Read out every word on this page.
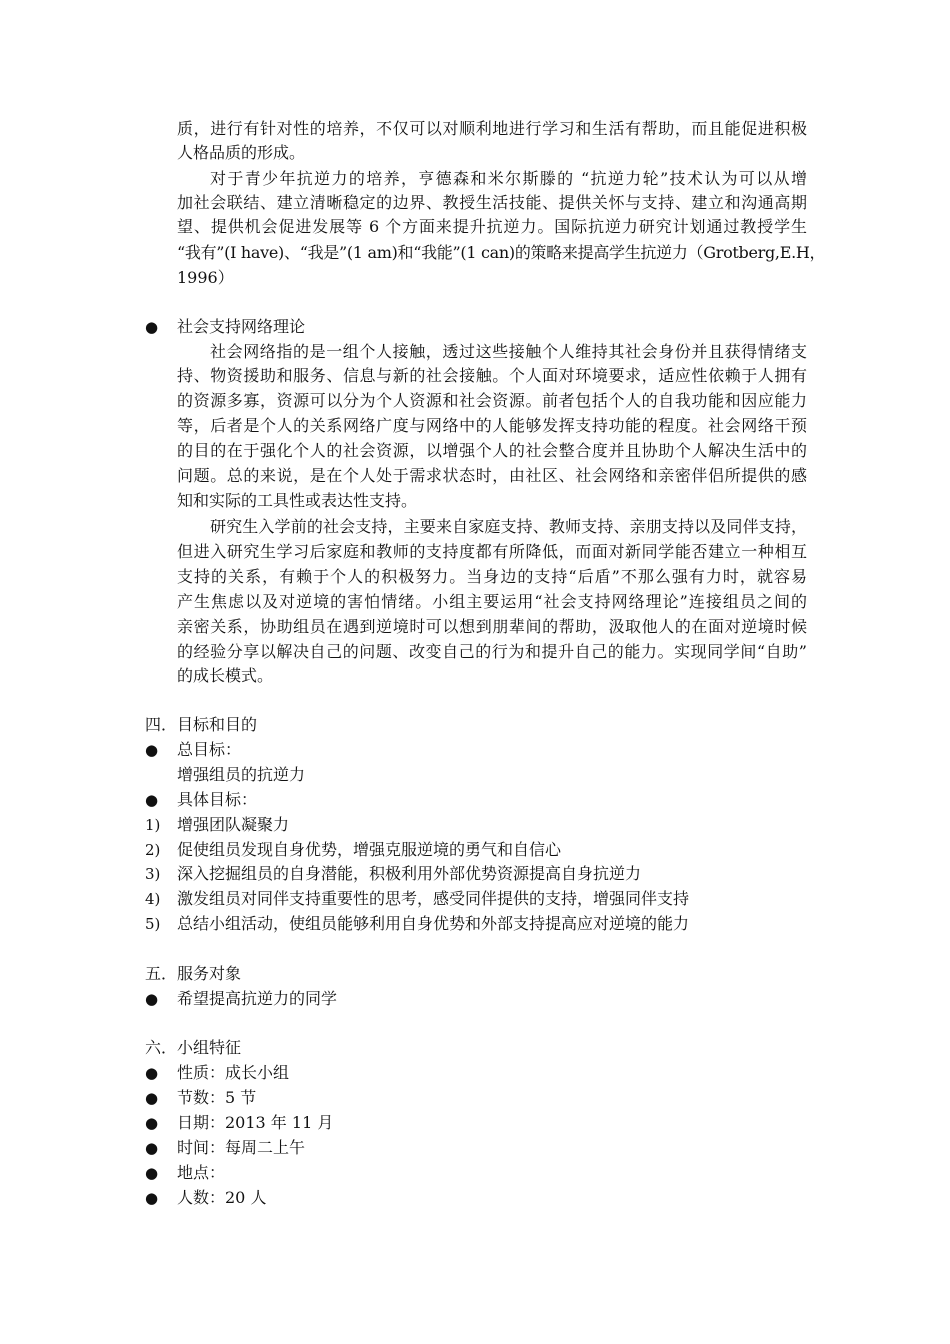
质，进行有针对性的培养，不仅可以对顺利地进行学习和生活有帮助，而且能促进积极
人格品质的形成。
对于青少年抗逆力的培养，亨德森和米尔斯滕的 “抗逆力轮”技术认为可以从增
加社会联结、建立清晰稳定的边界、教授生活技能、提供关怀与支持、建立和沟通高期
望、提供机会促进发展等 6 个方面来提升抗逆力。国际抗逆力研究计划通过教授学生
“我有”(I have)、“我是”(1 am)和“我能”(1 can)的策略来提高学生抗逆力（Grotberg,E.H，
1996）
●	社会支持网络理论
社会网络指的是一组个人接触，透过这些接触个人维持其社会身份并且获得情绪支
持、物资援助和服务、信息与新的社会接触。个人面对环境要求，适应性依赖于人拥有
的资源多寡，资源可以分为个人资源和社会资源。前者包括个人的自我功能和因应能力
等，后者是个人的关系网络广度与网络中的人能够发挥支持功能的程度。社会网络干预
的目的在于强化个人的社会资源，以增强个人的社会整合度并且协助个人解决生活中的
问题。总的来说，是在个人处于需求状态时，由社区、社会网络和亲密伴侣所提供的感
知和实际的工具性或表达性支持。
研究生入学前的社会支持，主要来自家庭支持、教师支持、亲朋支持以及同伴支持，
但进入研究生学习后家庭和教师的支持度都有所降低，而面对新同学能否建立一种相互
支持的关系，有赖于个人的积极努力。当身边的支持“后盾”不那么强有力时，就容易
产生焦虑以及对逆境的害怕情绪。小组主要运用“社会支持网络理论”连接组员之间的
亲密关系，协助组员在遇到逆境时可以想到朋辈间的帮助，汲取他人的在面对逆境时候
的经验分享以解决自己的问题、改变自己的行为和提升自己的能力。实现同学间“自助”
的成长模式。
四．目标和目的
●	总目标：
增强组员的抗逆力
●	具体目标：
1)	增强团队凝聚力
2)	促使组员发现自身优势，增强克服逆境的勇气和自信心
3)	深入挖掘组员的自身潜能，积极利用外部优势资源提高自身抗逆力
4)	激发组员对同伴支持重要性的思考，感受同伴提供的支持，增强同伴支持
5)	总结小组活动，使组员能够利用自身优势和外部支持提高应对逆境的能力
五．服务对象
●	希望提高抗逆力的同学
六．小组特征
●	性质：成长小组
●	节数：5 节
●	日期：2013 年 11 月
●	时间：每周二上午
●	地点：
●	人数：20 人
